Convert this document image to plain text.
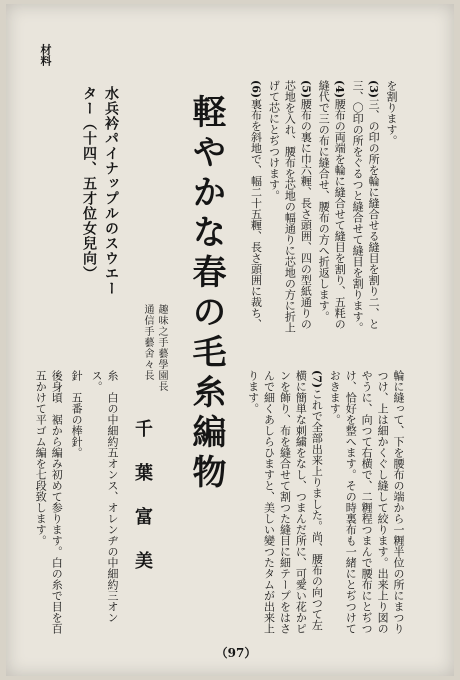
材料
軽やかな春の毛糸編物
趣味之手藝學園長
通信手藝舍々長
千葉富美
水兵衿パイナップルのスウエー
ター（十四、五才位女兒向）

糸　白の中細約五オンス、オレンヂの中細約三オンス。

針　五番の棒針。

後身頃　裾から編み初めて参ります。白の糸で目を百五かけて平ゴム編を七段致します。

を割ります。

(3)三、の印の所を輪に縫合せる縫目を割り二、と三、〇印の所をぐるつと縫合せて縫目を割ります。

(4)腰布の両端を輪に縫合せて縫目を割り、五粍の縫代で三の布に縫合せ、腰布の方へ折返します。

(5)腰布の裏に巾六糎、長さ頭囲、四の型紙通りの芯地を入れ、腰布を芯地の幅通りに芯地の方に折上げて芯にとぢつけます。

(6)裏布を斜地で、幅二十五糎、長さ頭囲に裁ち、

輪に縫って、下を腰布の端から一糎半位の所にまつりつけ、上は細かくぐし縫して絞ります。出来上り図のやうに、向つて右横で、二糎程つまんで腰布にとぢつけ、恰好を整へます。その時裏布も一緒にとぢつけておきます。

(7)これで全部出来上りました。尚、腰布の向つて左横に簡単な刺繍をなし、つまんだ所に、可愛い花かピンを飾り、布を縫合せて割つた縫目に細テープをはさんで細くあしらひますと、美しい變つたタムが出来上ります。

（97）
